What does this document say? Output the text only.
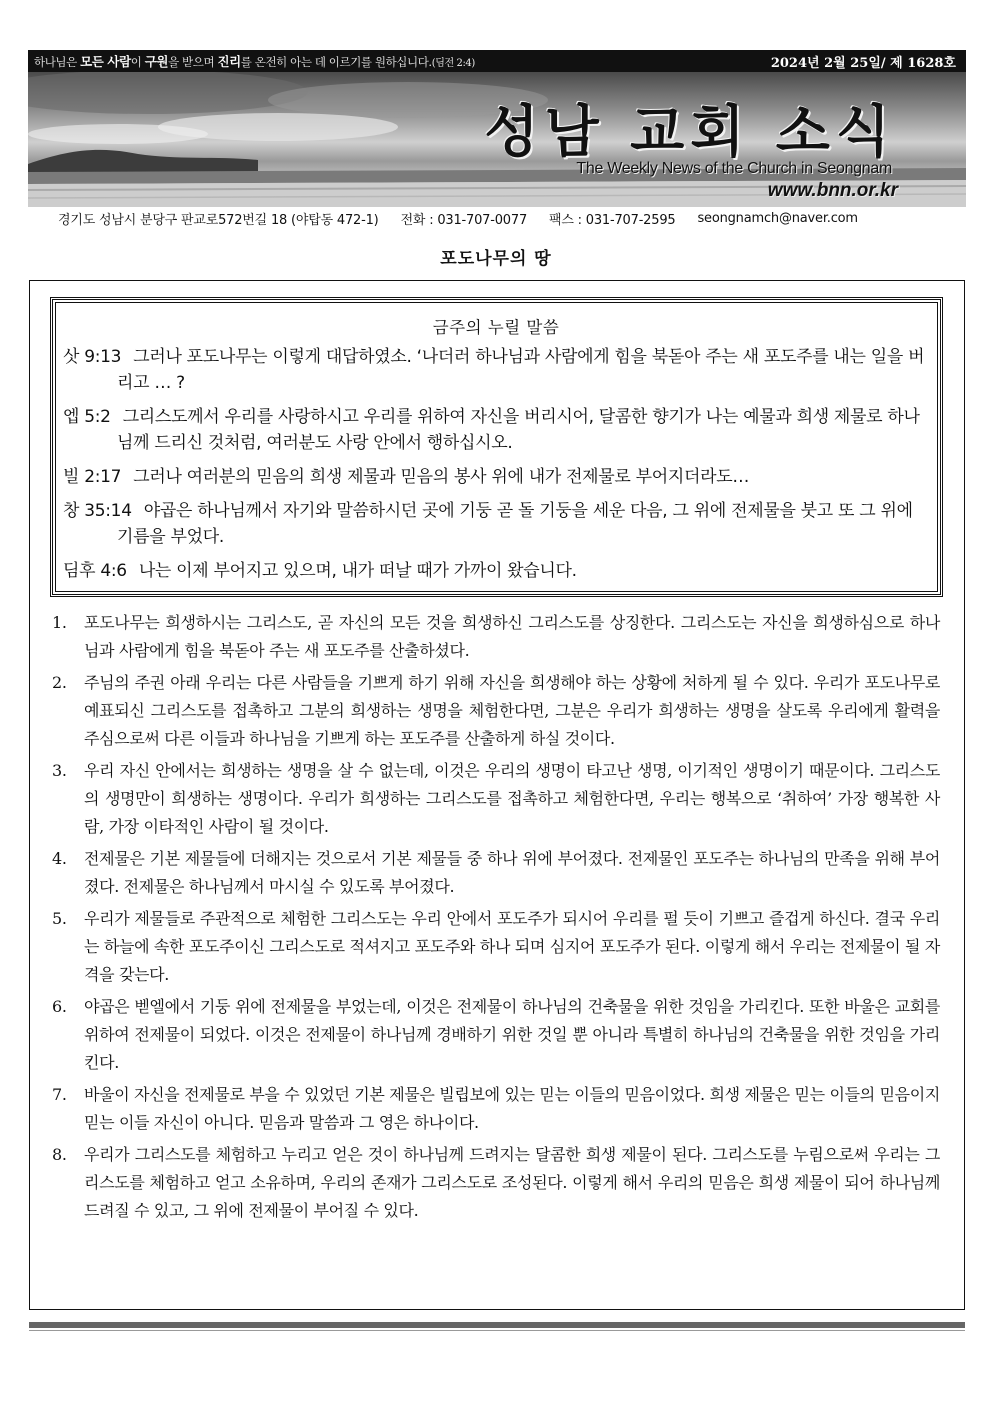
하나님은 모든 사람이 구원을 받으며 진리를 온전히 아는 데 이르기를 원하십니다.(딤전 2:4)	2024년 2월 25일/ 제 1628호
성남 교회 소식
The Weekly News of the Church in Seongnam
www.bnn.or.kr
경기도 성남시 분당구 판교로572번길 18 (야탑동 472-1) 전화 : 031-707-0077 팩스 : 031-707-2595 seongnamch@naver.com
포도나무의 땅
금주의 누릴 말씀
삿 9:13 그러나 포도나무는 이렇게 대답하였소. ‘나더러 하나님과 사람에게 힘을 북돋아 주는 새 포도주를 내는 일을 버리고 … ?
엡 5:2 그리스도께서 우리를 사랑하시고 우리를 위하여 자신을 버리시어, 달콤한 향기가 나는 예물과 희생 제물로 하나님께 드리신 것처럼, 여러분도 사랑 안에서 행하십시오.
빌 2:17 그러나 여러분의 믿음의 희생 제물과 믿음의 봉사 위에 내가 전제물로 부어지더라도…
창 35:14 야곱은 하나님께서 자기와 말씀하시던 곳에 기둥 곧 돌 기둥을 세운 다음, 그 위에 전제물을 붓고 또 그 위에 기름을 부었다.
딤후 4:6 나는 이제 부어지고 있으며, 내가 떠날 때가 가까이 왔습니다.
1. 포도나무는 희생하시는 그리스도, 곧 자신의 모든 것을 희생하신 그리스도를 상징한다. 그리스도는 자신을 희생하심으로 하나님과 사람에게 힘을 북돋아 주는 새 포도주를 산출하셨다.
2. 주님의 주권 아래 우리는 다른 사람들을 기쁘게 하기 위해 자신을 희생해야 하는 상황에 처하게 될 수 있다. 우리가 포도나무로 예표되신 그리스도를 접촉하고 그분의 희생하는 생명을 체험한다면, 그분은 우리가 희생하는 생명을 살도록 우리에게 활력을 주심으로써 다른 이들과 하나님을 기쁘게 하는 포도주를 산출하게 하실 것이다.
3. 우리 자신 안에서는 희생하는 생명을 살 수 없는데, 이것은 우리의 생명이 타고난 생명, 이기적인 생명이기 때문이다. 그리스도의 생명만이 희생하는 생명이다. 우리가 희생하는 그리스도를 접촉하고 체험한다면, 우리는 행복으로 ‘취하여’ 가장 행복한 사람, 가장 이타적인 사람이 될 것이다.
4. 전제물은 기본 제물들에 더해지는 것으로서 기본 제물들 중 하나 위에 부어졌다. 전제물인 포도주는 하나님의 만족을 위해 부어졌다. 전제물은 하나님께서 마시실 수 있도록 부어졌다.
5. 우리가 제물들로 주관적으로 체험한 그리스도는 우리 안에서 포도주가 되시어 우리를 펄 듯이 기쁘고 즐겁게 하신다. 결국 우리는 하늘에 속한 포도주이신 그리스도로 적셔지고 포도주와 하나 되며 심지어 포도주가 된다. 이렇게 해서 우리는 전제물이 될 자격을 갖는다.
6. 야곱은 벧엘에서 기둥 위에 전제물을 부었는데, 이것은 전제물이 하나님의 건축물을 위한 것임을 가리킨다. 또한 바울은 교회를 위하여 전제물이 되었다. 이것은 전제물이 하나님께 경배하기 위한 것일 뿐 아니라 특별히 하나님의 건축물을 위한 것임을 가리킨다.
7. 바울이 자신을 전제물로 부을 수 있었던 기본 제물은 빌립보에 있는 믿는 이들의 믿음이었다. 희생 제물은 믿는 이들의 믿음이지 믿는 이들 자신이 아니다. 믿음과 말씀과 그 영은 하나이다.
8. 우리가 그리스도를 체험하고 누리고 얻은 것이 하나님께 드려지는 달콤한 희생 제물이 된다. 그리스도를 누림으로써 우리는 그리스도를 체험하고 얻고 소유하며, 우리의 존재가 그리스도로 조성된다. 이렇게 해서 우리의 믿음은 희생 제물이 되어 하나님께 드려질 수 있고, 그 위에 전제물이 부어질 수 있다.
